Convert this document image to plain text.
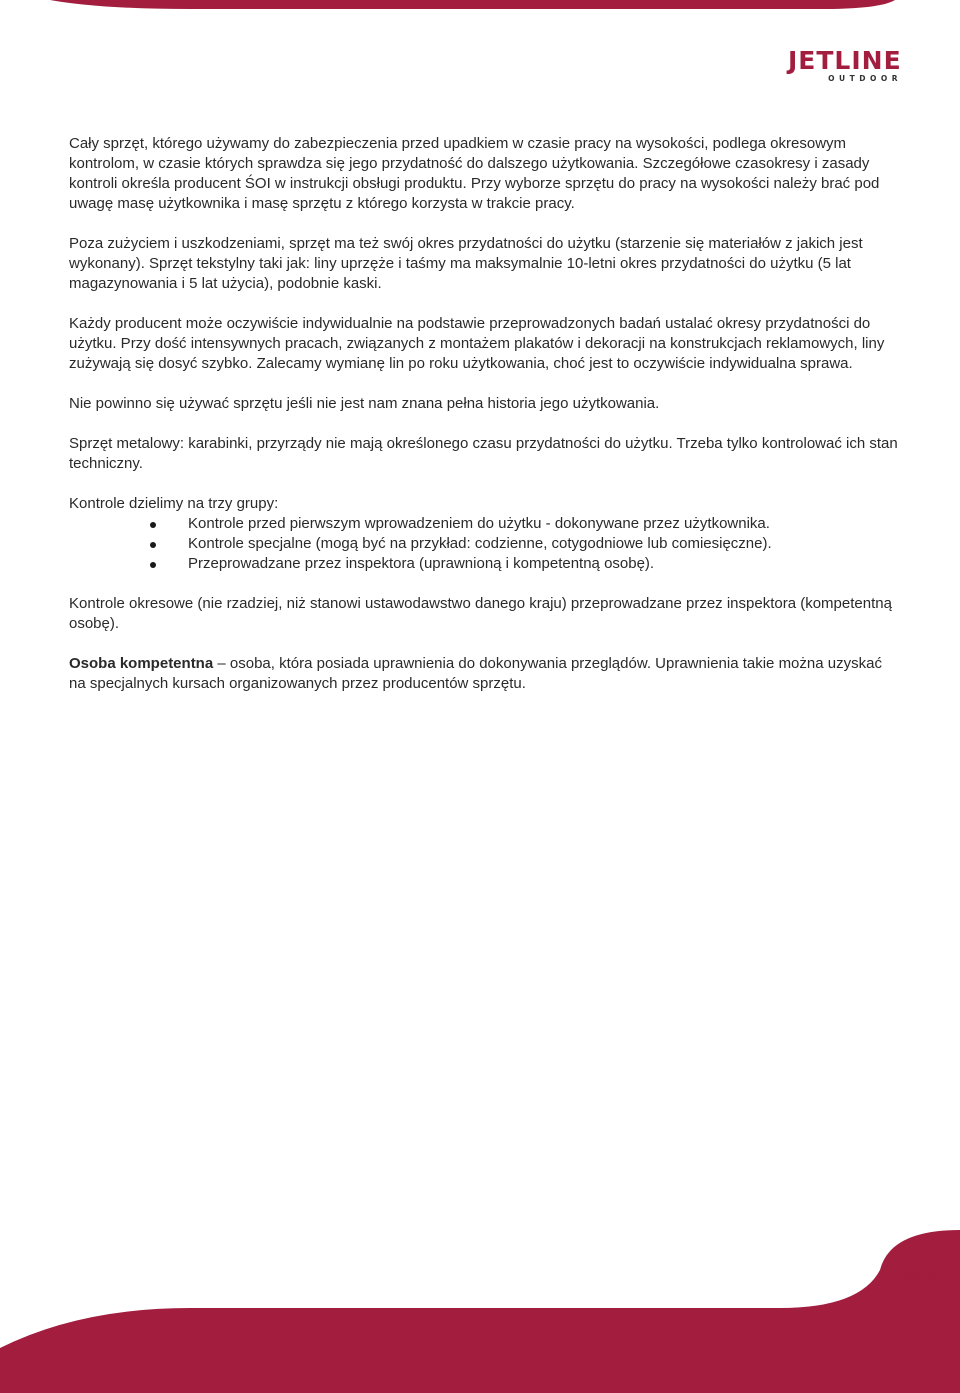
JETLINE
OUTDOOR

Cały sprzęt, którego używamy do zabezpieczenia przed upadkiem w czasie pracy na wysokości, podlega okresowym kontrolom, w czasie których sprawdza się jego przydatność do dalszego użytkowania. Szczegółowe czasokresy i zasady kontroli określa producent ŚOI w instrukcji obsługi produktu. Przy wyborze sprzętu do pracy na wysokości należy brać pod uwagę masę użytkownika i masę sprzętu z którego korzysta w trakcie pracy.

Poza zużyciem i uszkodzeniami, sprzęt ma też swój okres przydatności do użytku (starzenie się materiałów z jakich jest wykonany). Sprzęt tekstylny taki jak: liny uprzęże i taśmy ma maksymalnie 10-letni okres przydatności do użytku (5 lat magazynowania i 5 lat użycia), podobnie kaski.

Każdy producent może oczywiście indywidualnie na podstawie przeprowadzonych badań ustalać okresy przydatności do użytku. Przy dość intensywnych pracach, związanych z montażem plakatów i dekoracji na konstrukcjach reklamowych, liny zużywają się dosyć szybko. Zalecamy wymianę lin po roku użytkowania, choć jest to oczywiście indywidualna sprawa.

Nie powinno się używać sprzętu jeśli nie jest nam znana pełna historia jego użytkowania.

Sprzęt metalowy: karabinki, przyrządy nie mają określonego czasu przydatności do użytku. Trzeba tylko kontrolować ich stan techniczny.

Kontrole dzielimy na trzy grupy:

Kontrole przed pierwszym wprowadzeniem do użytku - dokonywane przez użytkownika.
Kontrole specjalne (mogą być na przykład: codzienne, cotygodniowe lub comiesięczne).
Przeprowadzane przez inspektora (uprawnioną i kompetentną osobę).

Kontrole okresowe (nie rzadziej, niż stanowi ustawodawstwo danego kraju) przeprowadzane przez inspektora (kompetentną osobę).

Osoba kompetentna – osoba, która posiada uprawnienia do dokonywania przeglądów. Uprawnienia takie można uzyskać na specjalnych kursach organizowanych przez producentów sprzętu.

str. 9
